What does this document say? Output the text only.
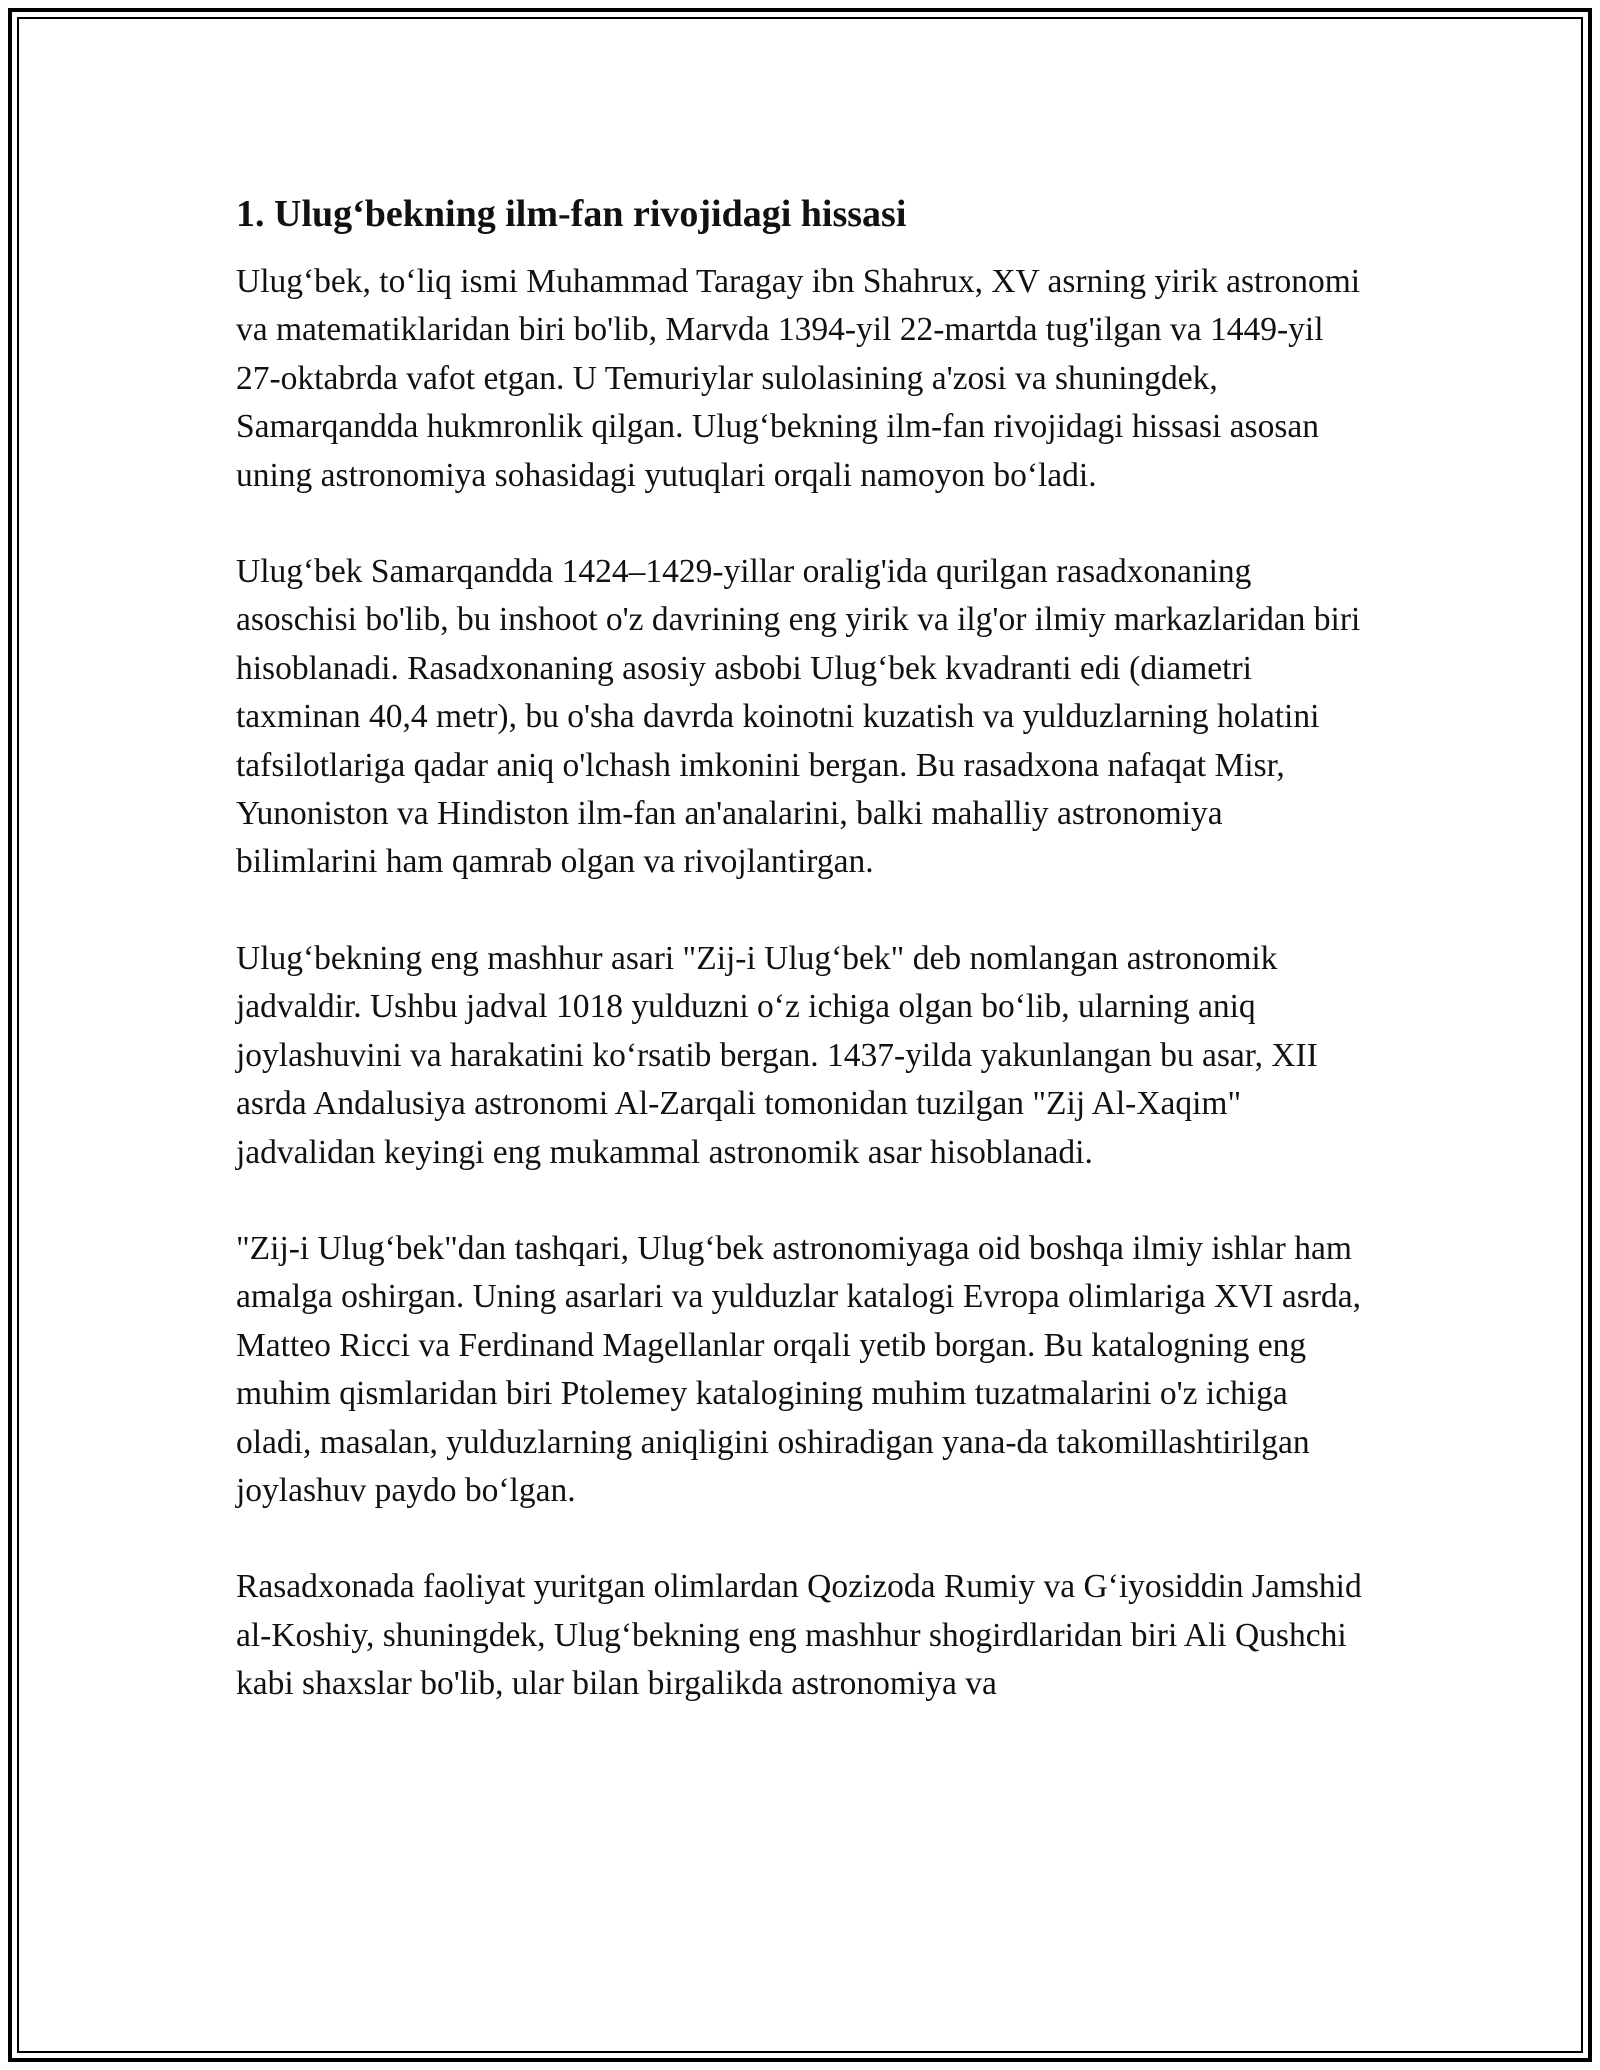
1. Ulug‘bekning ilm-fan rivojidagi hissasi

Ulug‘bek, to‘liq ismi Muhammad Taragay ibn Shahrux, XV asrning yirik astronomi va matematiklaridan biri bo'lib, Marvda 1394-yil 22-martda tug'ilgan va 1449-yil 27-oktabrda vafot etgan. U Temuriylar sulolasining a'zosi va shuningdek, Samarqandda hukmronlik qilgan. Ulug‘bekning ilm-fan rivojidagi hissasi asosan uning astronomiya sohasidagi yutuqlari orqali namoyon bo‘ladi.

Ulug‘bek Samarqandda 1424–1429-yillar oralig'ida qurilgan rasadxonaning asoschisi bo'lib, bu inshoot o'z davrining eng yirik va ilg'or ilmiy markazlaridan biri hisoblanadi. Rasadxonaning asosiy asbobi Ulug‘bek kvadranti edi (diametri taxminan 40,4 metr), bu o'sha davrda koinotni kuzatish va yulduzlarning holatini tafsilotlariga qadar aniq o'lchash imkonini bergan. Bu rasadxona nafaqat Misr, Yunoniston va Hindiston ilm-fan an'analarini, balki mahalliy astronomiya bilimlarini ham qamrab olgan va rivojlantirgan.

Ulug‘bekning eng mashhur asari "Zij-i Ulug‘bek" deb nomlangan astronomik jadvaldir. Ushbu jadval 1018 yulduzni o‘z ichiga olgan bo‘lib, ularning aniq joylashuvini va harakatini ko‘rsatib bergan. 1437-yilda yakunlangan bu asar, XII asrda Andalusiya astronomi Al-Zarqali tomonidan tuzilgan "Zij Al-Xaqim" jadvalidan keyingi eng mukammal astronomik asar hisoblanadi.

"Zij-i Ulug‘bek"dan tashqari, Ulug‘bek astronomiyaga oid boshqa ilmiy ishlar ham amalga oshirgan. Uning asarlari va yulduzlar katalogi Evropa olimlariga XVI asrda, Matteo Ricci va Ferdinand Magellanlar orqali yetib borgan. Bu katalogning eng muhim qismlaridan biri Ptolemey katalogining muhim tuzatmalarini o'z ichiga oladi, masalan, yulduzlarning aniqligini oshiradigan yana-da takomillashtirilgan joylashuv paydo bo‘lgan.

Rasadxonada faoliyat yuritgan olimlardan Qozizoda Rumiy va G‘iyosiddin Jamshid al-Koshiy, shuningdek, Ulug‘bekning eng mashhur shogirdlaridan biri Ali Qushchi kabi shaxslar bo'lib, ular bilan birgalikda astronomiya va
